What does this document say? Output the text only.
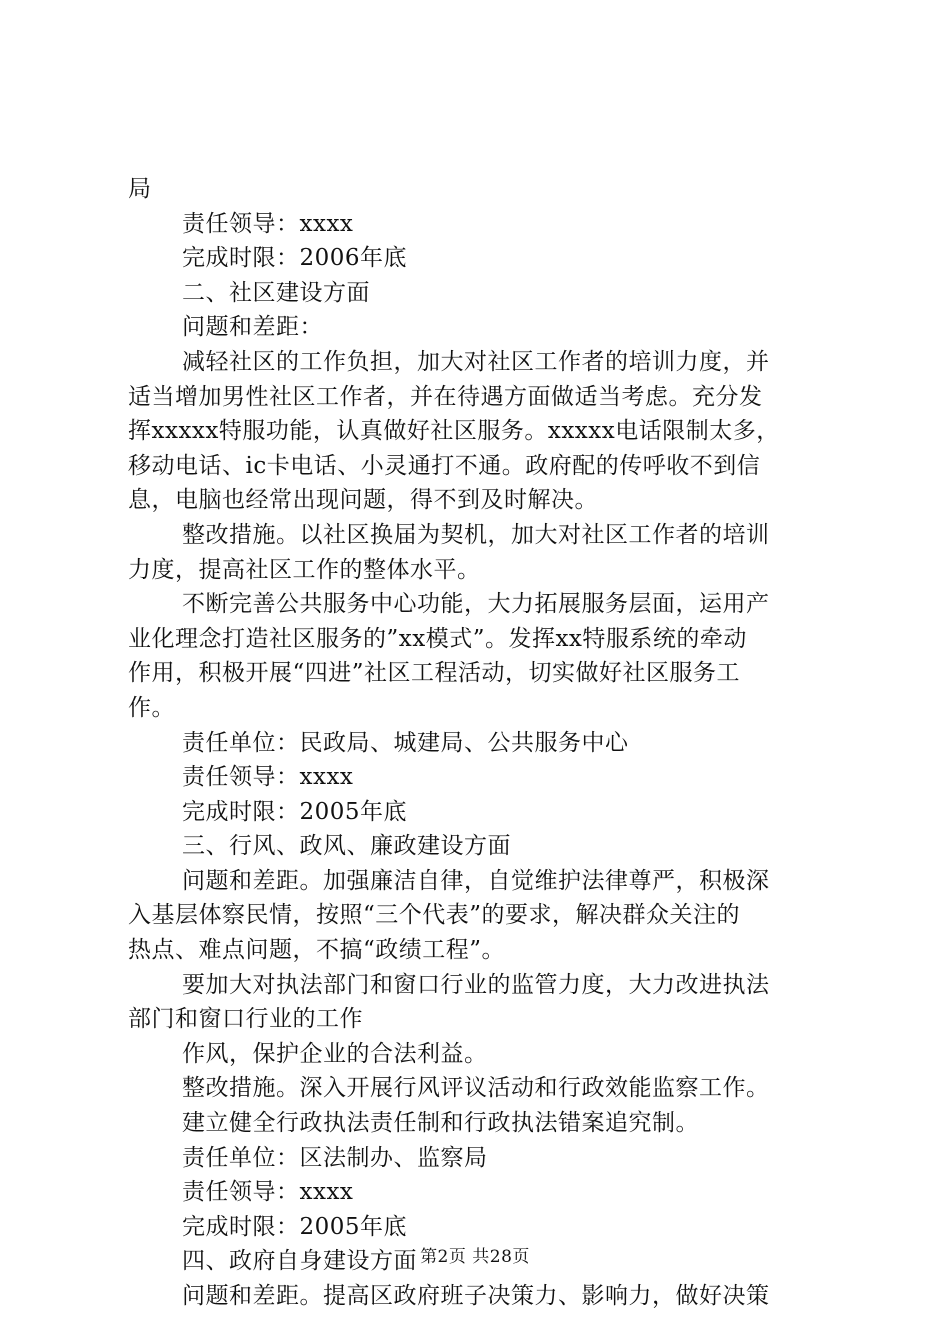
局
责任领导：xxxx
完成时限：2006年底
二、社区建设方面
问题和差距：
减轻社区的工作负担，加大对社区工作者的培训力度，并
适当增加男性社区工作者，并在待遇方面做适当考虑。充分发
挥xxxxx特服功能，认真做好社区服务。xxxxx电话限制太多，
移动电话、ic卡电话、小灵通打不通。政府配的传呼收不到信
息，电脑也经常出现问题，得不到及时解决。
整改措施。以社区换届为契机，加大对社区工作者的培训
力度，提高社区工作的整体水平。
不断完善公共服务中心功能，大力拓展服务层面，运用产
业化理念打造社区服务的”xx模式”。发挥xx特服系统的牵动
作用，积极开展“四进”社区工程活动，切实做好社区服务工
作。
责任单位：民政局、城建局、公共服务中心
责任领导：xxxx
完成时限：2005年底
三、行风、政风、廉政建设方面
问题和差距。加强廉洁自律，自觉维护法律尊严，积极深
入基层体察民情，按照“三个代表”的要求，解决群众关注的
热点、难点问题，不搞“政绩工程”。
要加大对执法部门和窗口行业的监管力度，大力改进执法
部门和窗口行业的工作
作风，保护企业的合法利益。
整改措施。深入开展行风评议活动和行政效能监察工作。
建立健全行政执法责任制和行政执法错案追究制。
责任单位：区法制办、监察局
责任领导：xxxx
完成时限：2005年底
四、政府自身建设方面
问题和差距。提高区政府班子决策力、影响力，做好决策
第2页 共28页
